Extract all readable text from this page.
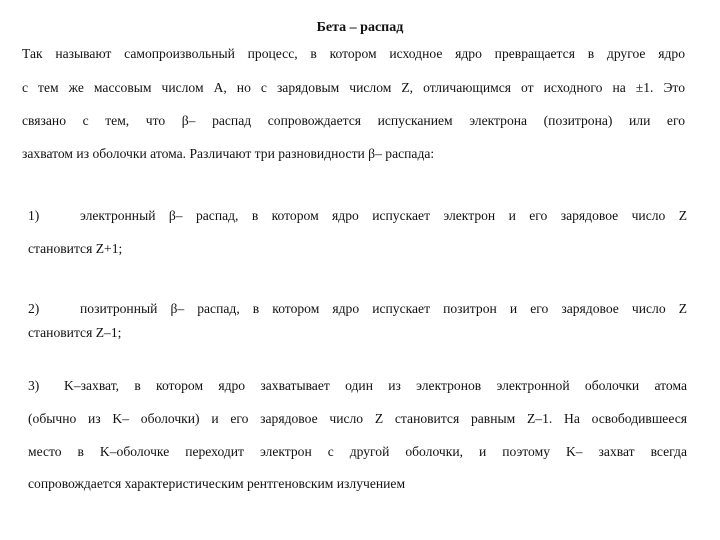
Бета – распад
Так называют самопроизвольный процесс, в котором исходное ядро превращается в другое ядро
с тем же массовым числом A, но с зарядовым числом Z, отличающимся от исходного на ±1. Это
связано с тем, что β– распад сопровождается испусканием электрона (позитрона) или его
захватом из оболочки атома. Различают три разновидности β– распада:
1)	электронный β– распад, в котором ядро испускает электрон и его зарядовое число Z
становится Z+1;
2)	позитронный β– распад, в котором ядро испускает позитрон и его зарядовое число Z
становится Z–1;
3) K–захват, в котором ядро захватывает один из электронов электронной оболочки атома
(обычно из K– оболочки) и его зарядовое число Z становится равным Z–1. На освободившееся
место в K–оболочке переходит электрон с другой оболочки, и поэтому K– захват всегда
сопровождается характеристическим рентгеновским излучением
